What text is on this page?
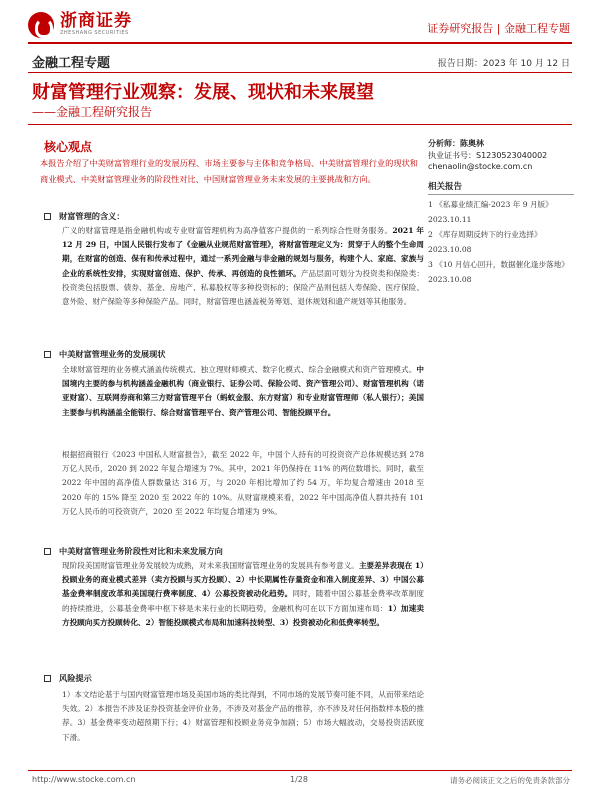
浙商证券
ZHESHANG SECURITIES	证券研究报告 | 金融工程专题
金融工程专题	报告日期：2023 年 10 月 12 日
财富管理行业观察：发展、现状和未来展望
——金融工程研究报告
核心观点
本报告介绍了中美财富管理行业的发展历程、市场主要参与主体和竞争格局、中美财富管理行业的现状和商业模式、中美财富管理业务的阶段性对比、中国财富管理业务未来发展的主要挑战和方向。
财富管理的含义：
广义的财富管理是指金融机构或专业财富管理机构为高净值客户提供的一系列综合性财务服务。2021 年 12 月 29 日，中国人民银行发布了《金融从业规范财富管理》，将财富管理定义为：贯穿于人的整个生命周期，在财富的创造、保有和传承过程中，通过一系列金融与非金融的规划与服务，构建个人、家庭、家族与企业的系统性安排，实现财富创造、保护、传承、再创造的良性循环。产品层面可划分为投资类和保险类：投资类包括股票、债券、基金、房地产、私募股权等多种投资标的；保险产品则包括人寿保险、医疗保险、意外险、财产保险等多种保险产品。同时，财富管理也涵盖税务筹划、退休规划和遗产规划等其他服务。
中美财富管理业务的发展现状
全球财富管理的业务模式涵盖传统模式、独立理财师模式、数字化模式、综合金融模式和资产管理模式。中国境内主要的参与机构涵盖金融机构（商业银行、证券公司、保险公司、资产管理公司）、财富管理机构（诺亚财富）、互联网券商和第三方财富管理平台（蚂蚁金服、东方财富）和专业财富管理师（私人银行）；美国主要参与机构涵盖全能银行、综合财富管理平台、资产管理公司、智能投顾平台。
根据招商银行《2023 中国私人财富报告》，截至 2022 年，中国个人持有的可投资资产总体规模达到 278 万亿人民币，2020 到 2022 年复合增速为 7%。其中，2021 年仍保持在 11% 的两位数增长。同时，截至 2022 年中国的高净值人群数量达 316 万，与 2020 年相比增加了约 54 万，年均复合增速由 2018 至 2020 年的 15% 降至 2020 至 2022 年的 10%。从财富规模来看，2022 年中国高净值人群共持有 101 万亿人民币的可投资资产，2020 至 2022 年均复合增速为 9%。
中美财富管理业务阶段性对比和未来发展方向
现阶段美国财富管理业务发展较为成熟，对未来我国财富管理业务的发展具有参考意义。主要差异表现在 1）投顾业务的商业模式差异（卖方投顾与买方投顾）、2）中长期属性存量资金和准入制度差异、3）中国公募基金费率制度改革和美国现行费率制度、4）公募投资被动化趋势。同时，随着中国公募基金费率改革制度的持续推进，公募基金费率中枢下移是未来行业的长期趋势，金融机构可在以下方面加速布局：1）加速卖方投顾向买方投顾转化、2）智能投顾模式布局和加速科技转型、3）投资被动化和低费率转型。
风险提示
1）本文结论基于与国内财富管理市场及美国市场的类比得到，不同市场的发展节奏可能不同，从而带来结论失效。2）本报告不涉及证券投资基金评价业务，不涉及对基金产品的推荐，亦不涉及对任何指数样本股的推荐。3）基金费率变动超预期下行；4）财富管理和投顾业务竞争加剧；5）市场大幅波动，交易投资活跃度下滑。
分析师：陈奥林
执业证书号：S1230523040002
chenaolin@stocke.com.cn
相关报告
1 《私募业绩汇编-2023 年 9 月版》 2023.10.11
2 《库存周期反转下的行业选择》 2023.10.08
3 《10 月信心回升，数据催化逢步落地》 2023.10.08
http://www.stocke.com.cn	1/28	请务必阅读正文之后的免责条款部分
